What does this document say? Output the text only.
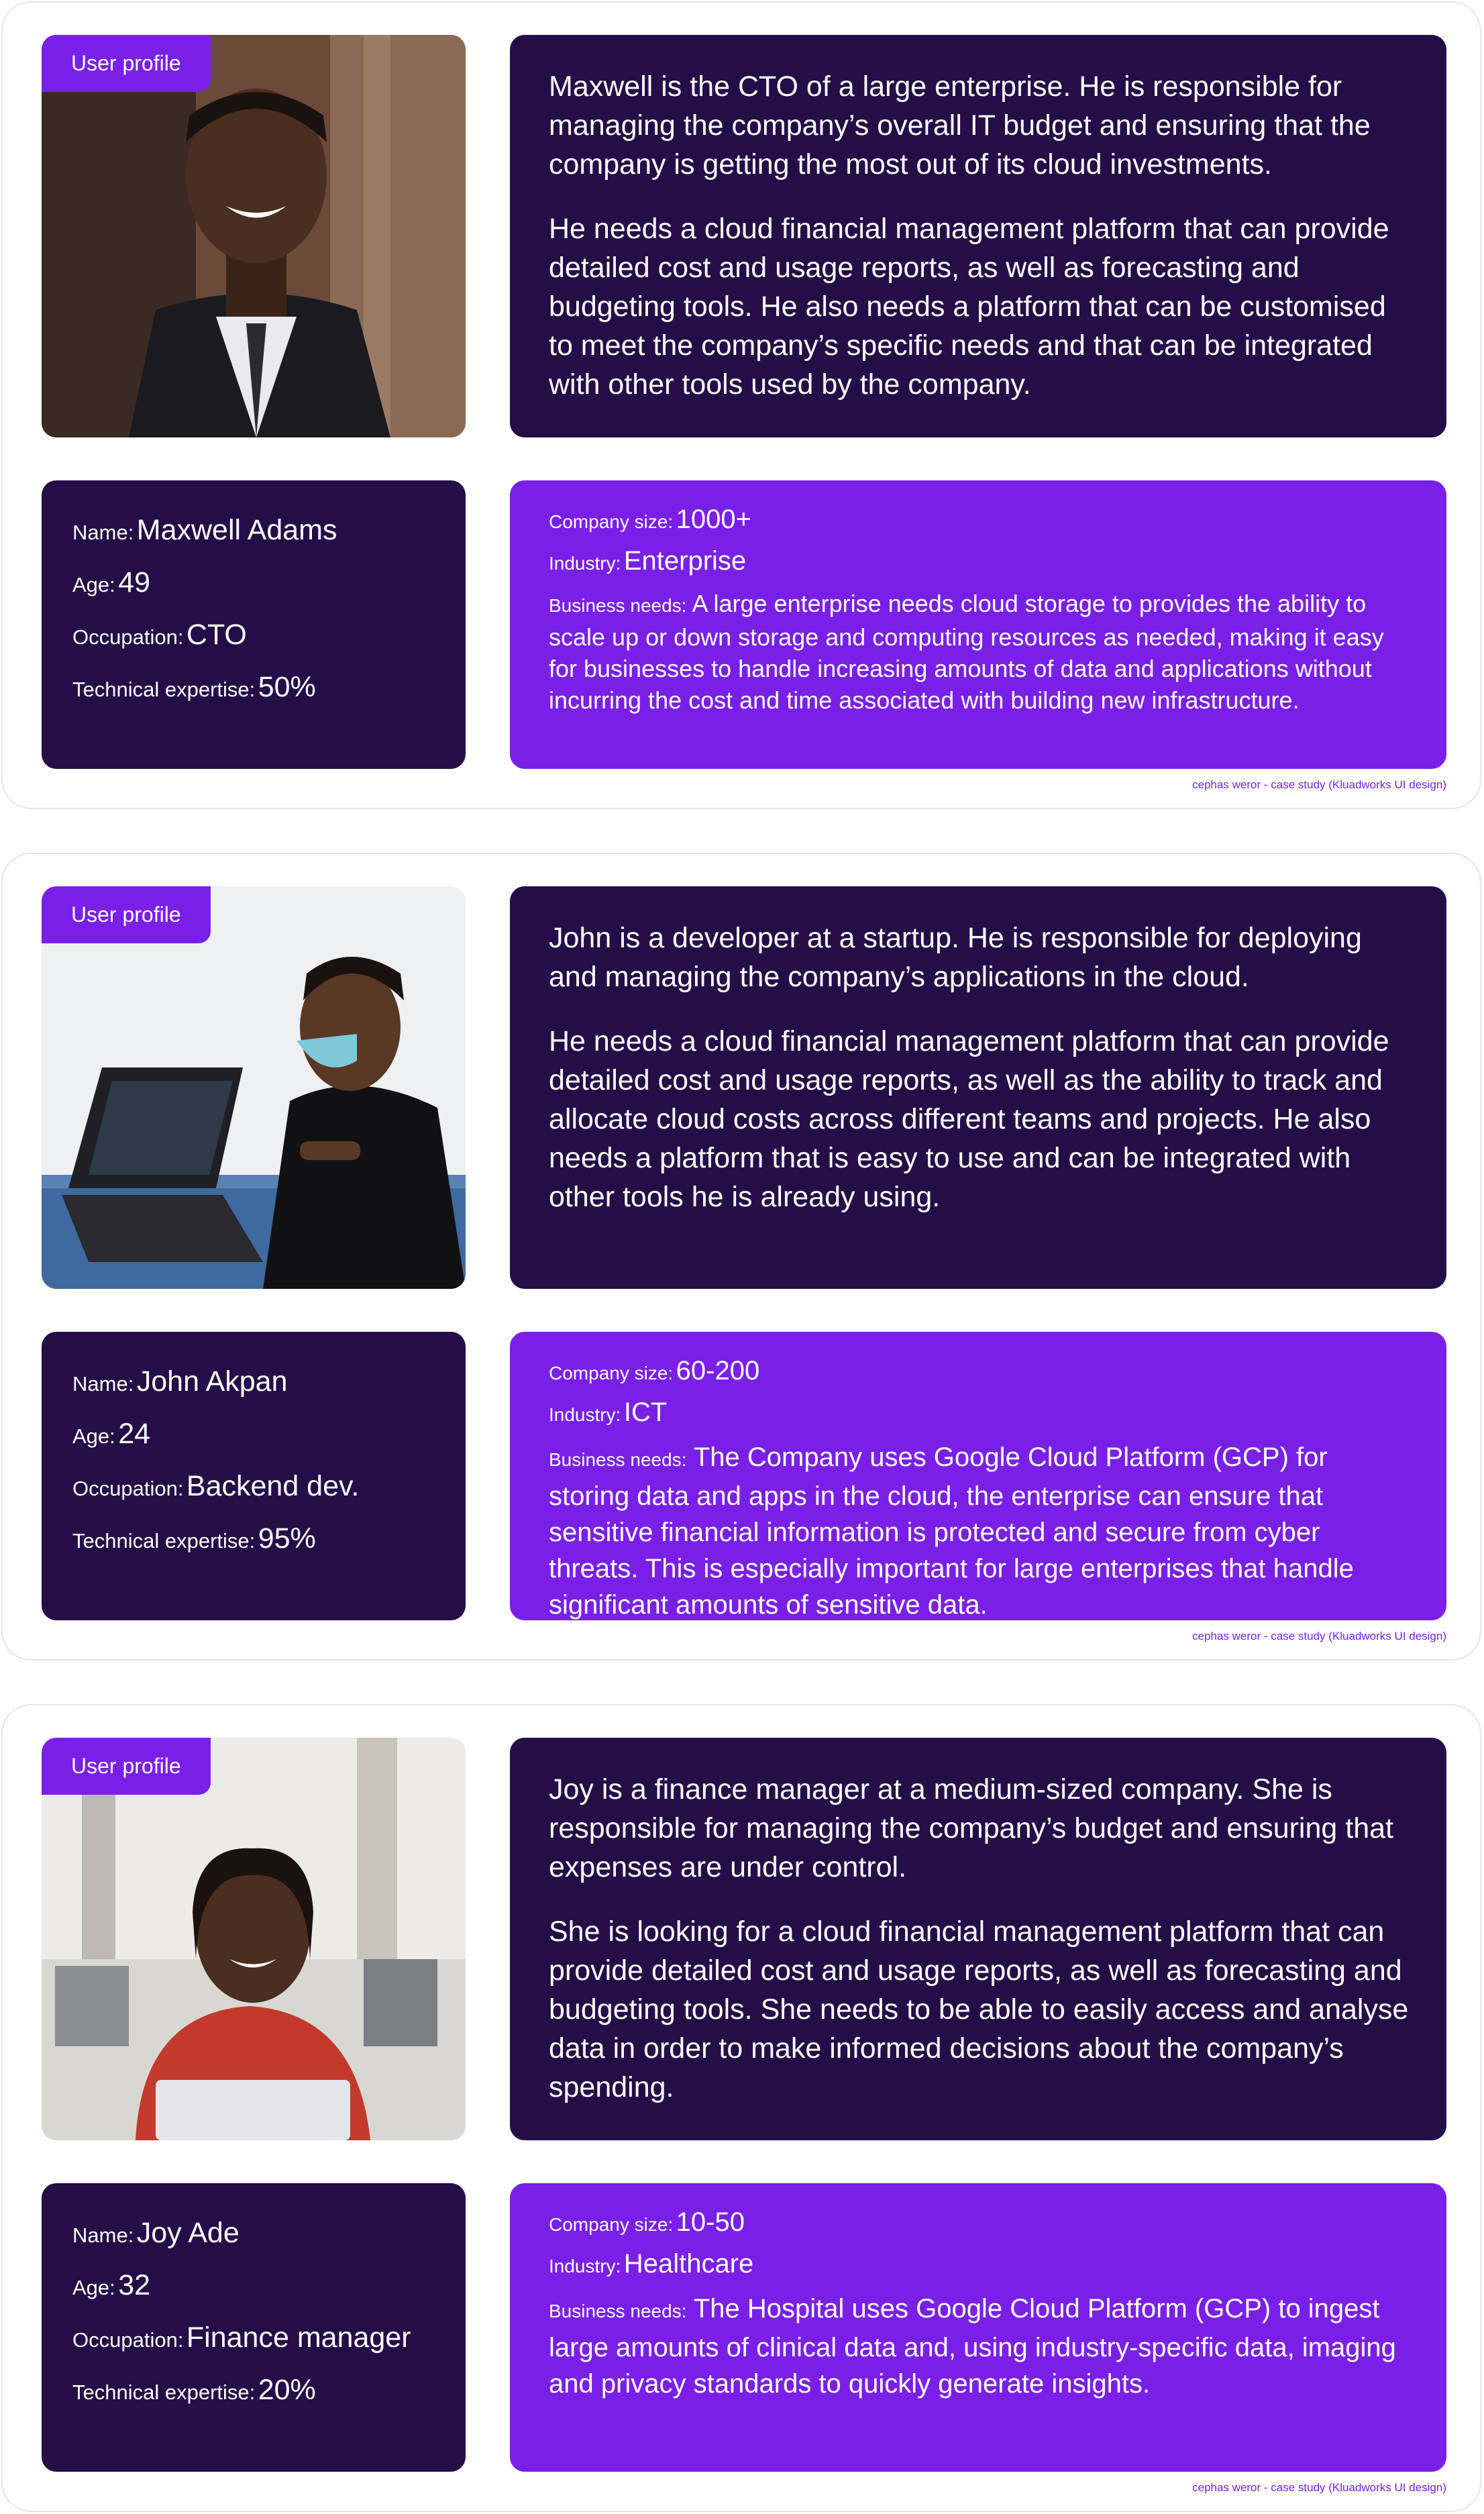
User profile

Maxwell is the CTO of a large enterprise. He is responsible for managing the company’s overall IT budget and ensuring that the company is getting the most out of its cloud investments.

He needs a cloud financial management platform that can provide detailed cost and usage reports, as well as forecasting and budgeting tools. He also needs a platform that can be customised to meet the company’s specific needs and that can be integrated with other tools used by the company.

Name: Maxwell Adams
Age: 49
Occupation: CTO
Technical expertise: 50%
Company size: 1000+
Industry: Enterprise
Business needs: A large enterprise needs cloud storage to provides the ability to scale up or down storage and computing resources as needed, making it easy for businesses to handle increasing amounts of data and applications without incurring the cost and time associated with building new infrastructure.
cephas weror - case study (Kluadworks UI design)
User profile

John is a developer at a startup. He is responsible for deploying and managing the company’s applications in the cloud.

He needs a cloud financial management platform that can provide detailed cost and usage reports, as well as the ability to track and allocate cloud costs across different teams and projects. He also needs a platform that is easy to use and can be integrated with other tools he is already using.

Name: John Akpan
Age: 24
Occupation: Backend dev.
Technical expertise: 95%
Company size: 60-200
Industry: ICT
Business needs: The Company uses Google Cloud Platform (GCP) for storing data and apps in the cloud, the enterprise can ensure that sensitive financial information is protected and secure from cyber threats. This is especially important for large enterprises that handle significant amounts of sensitive data.
cephas weror - case study (Kluadworks UI design)
User profile

Joy is a finance manager at a medium-sized company. She is responsible for managing the company’s budget and ensuring that expenses are under control.

She is looking for a cloud financial management platform that can provide detailed cost and usage reports, as well as forecasting and budgeting tools. She needs to be able to easily access and analyse data in order to make informed decisions about the company’s spending.

Name: Joy Ade
Age: 32
Occupation: Finance manager
Technical expertise: 20%
Company size: 10-50
Industry: Healthcare
Business needs: The Hospital uses Google Cloud Platform (GCP) to ingest large amounts of clinical data and, using industry-specific data, imaging and privacy standards to quickly generate insights.
cephas weror - case study (Kluadworks UI design)
